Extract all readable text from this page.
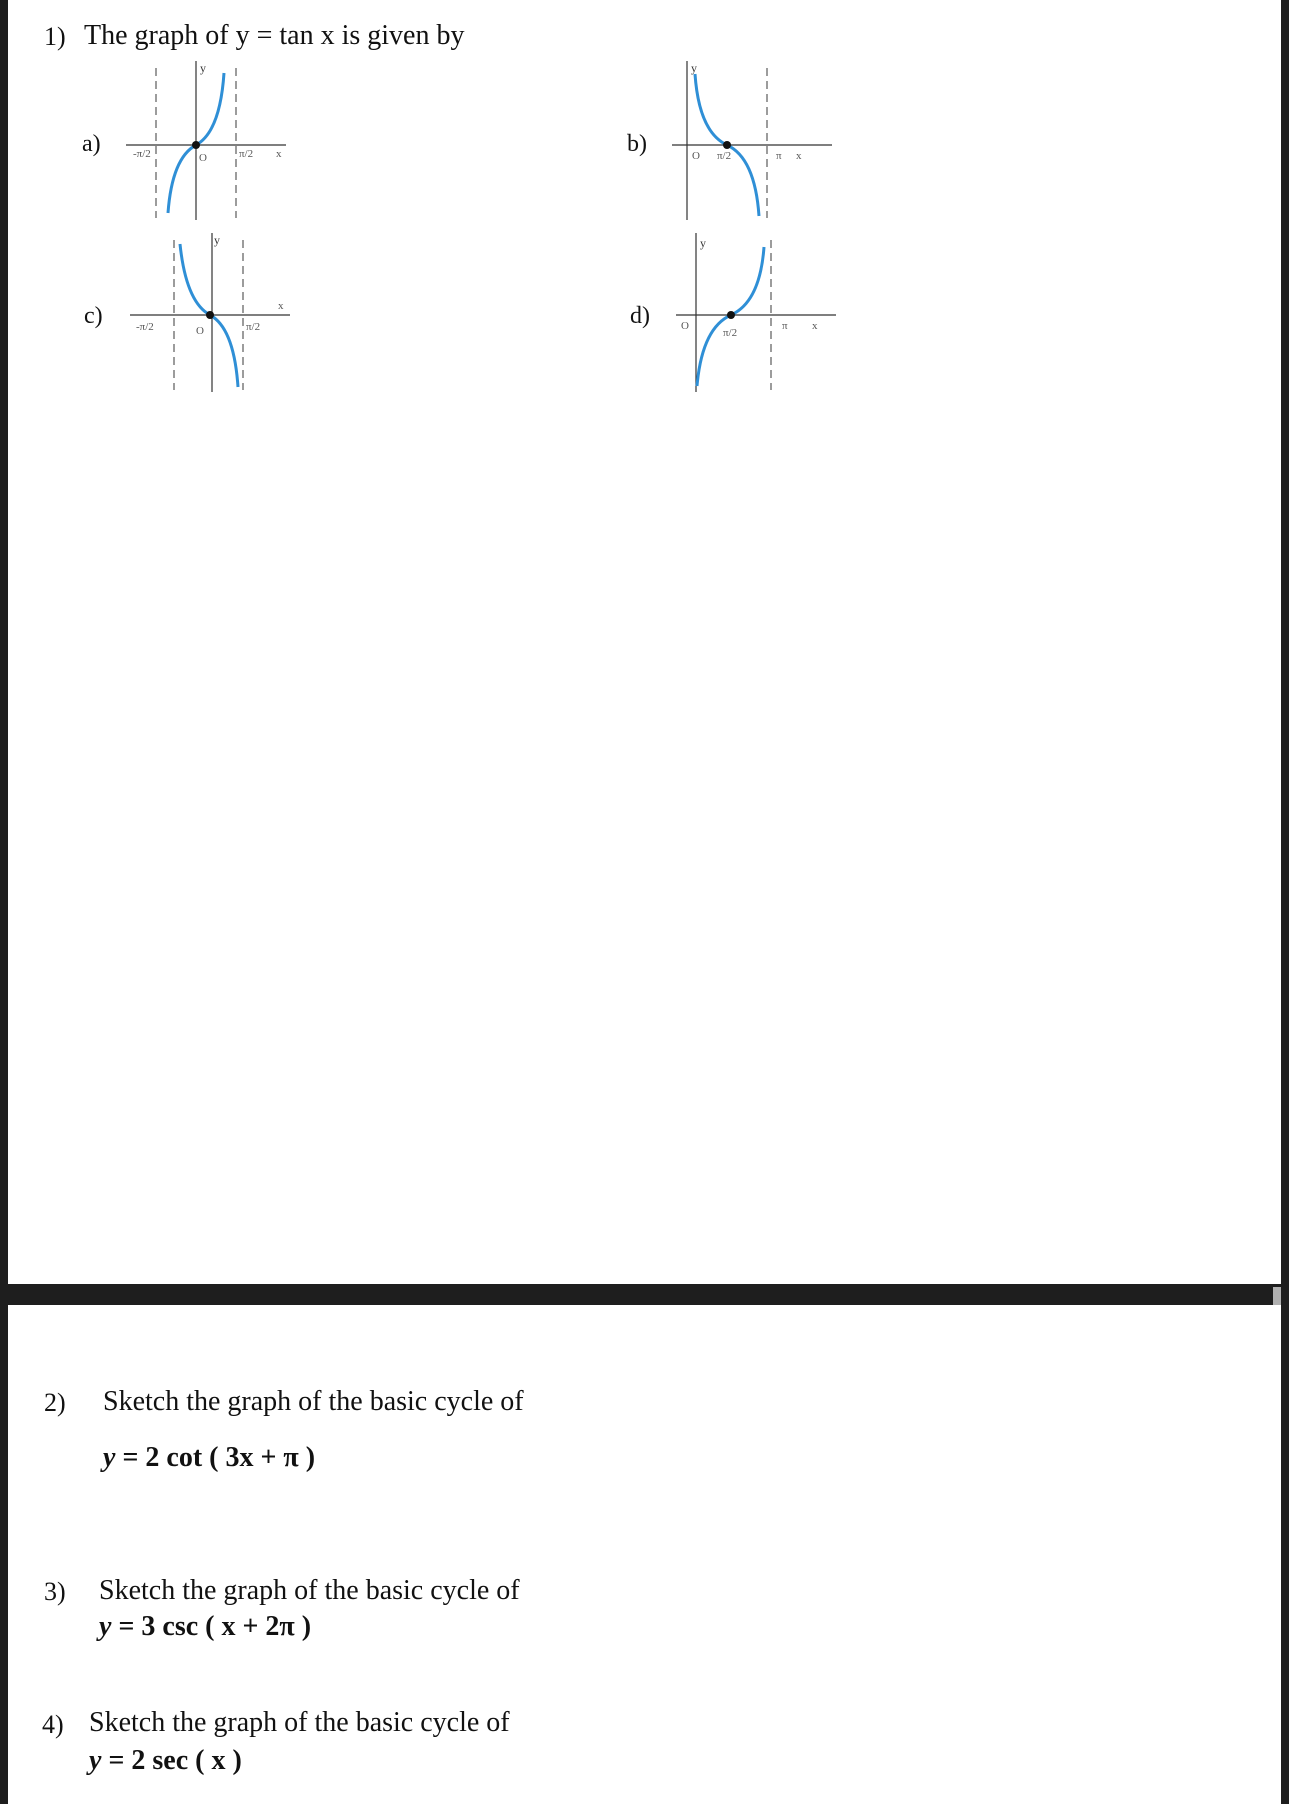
1) The graph of y = tan x is given by
a)	-π/2	O	π/2 x
y
b)	O π/2	π x
y
c)	-π/2	O	π/2
x
y
d)	O
π/2
π x
y
2) Sketch the graph of the basic cycle of
y = 2 cot ( 3x + π )
3) Sketch the graph of the basic cycle of
y = 3 csc ( x + 2π )
4) Sketch the graph of the basic cycle of
y = 2 sec ( x )
